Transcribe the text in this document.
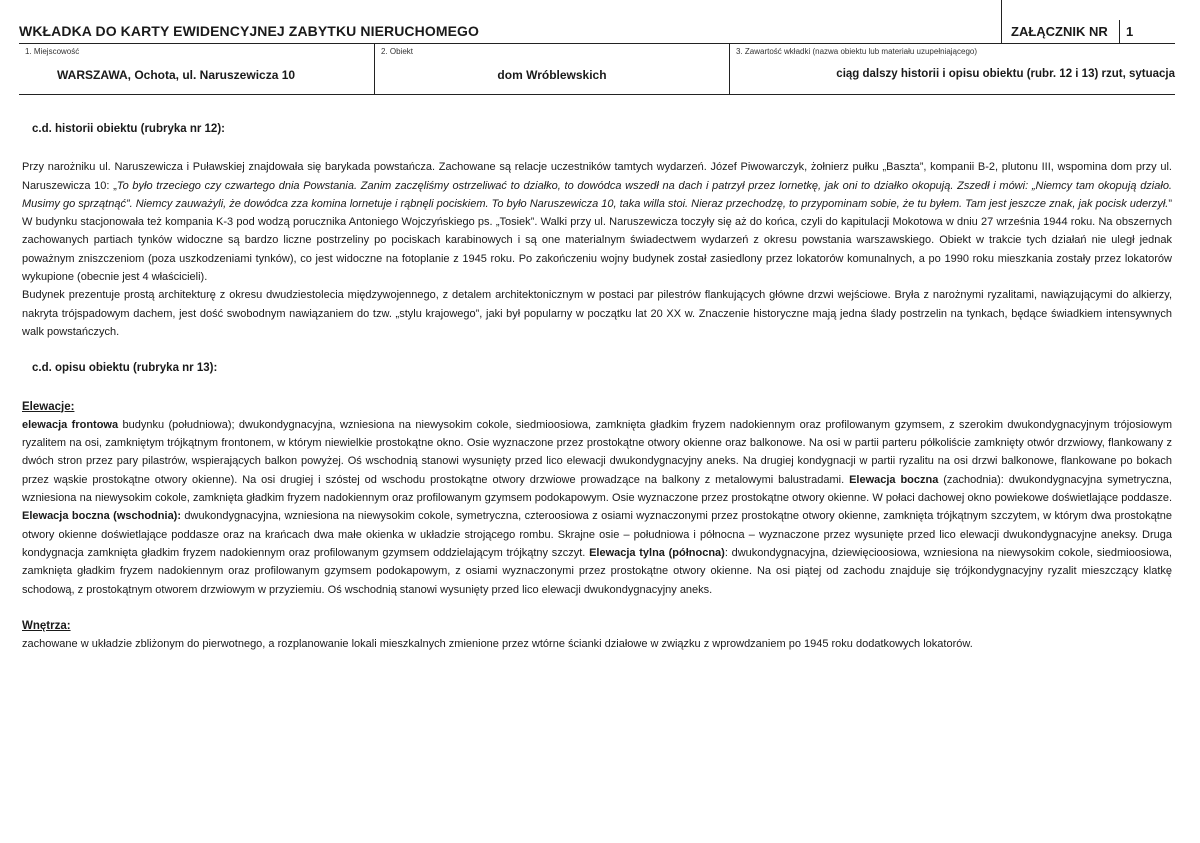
WKŁADKA DO KARTY EWIDENCYJNEJ ZABYTKU NIERUCHOMEGO	ZAŁĄCZNIK NR 1
1. Miejscowość
WARSZAWA, Ochota, ul. Naruszewicza 10
2. Obiekt
dom Wróblewskich
3. Zawartość wkładki (nazwa obiektu lub materiału uzupełniającego)
ciąg dalszy historii i opisu obiektu (rubr. 12 i 13) rzut, sytuacja
c.d. historii obiektu (rubryka nr 12):

Przy narożniku ul. Naruszewicza i Puławskiej znajdowała się barykada powstańcza. Zachowane są relacje uczestników tamtych wydarzeń. Józef Piwowarczyk, żołnierz pułku „Baszta”, kompanii B-2, plutonu III, wspomina dom przy ul. Naruszewicza 10: „To było trzeciego czy czwartego dnia Powstania. Zanim zaczęliśmy ostrzeliwać to działko, to dowódca wszedł na dach i patrzył przez lornetkę, jak oni to działko okopują. Zszedł i mówi: „Niemcy tam okopują działo. Musimy go sprzątnąć”. Niemcy zauważyli, że dowódca zza komina lornetuje i rąbnęli pociskiem. To było Naruszewicza 10, taka willa stoi. Nieraz przechodzę, to przypominam sobie, że tu byłem. Tam jest jeszcze znak, jak pocisk uderzył.” W budynku stacjonowała też kompania K-3 pod wodzą porucznika Antoniego Wojczyńskiego ps. „Tosiek”. Walki przy ul. Naruszewicza toczyły się aż do końca, czyli do kapitulacji Mokotowa w dniu 27 września 1944 roku. Na obszernych zachowanych partiach tynków widoczne są bardzo liczne postrzeliny po pociskach karabinowych i są one materialnym świadectwem wydarzeń z okresu powstania warszawskiego. Obiekt w trakcie tych działań nie uległ jednak poważnym zniszczeniom (poza uszkodzeniami tynków), co jest widoczne na fotoplanie z 1945 roku. Po zakończeniu wojny budynek został zasiedlony przez lokatorów komunalnych, a po 1990 roku mieszkania zostały przez lokatorów wykupione (obecnie jest 4 właścicieli).

Budynek prezentuje prostą architekturę z okresu dwudziestolecia międzywojennego, z detalem architektonicznym w postaci par pilestrów flankujących główne drzwi wejściowe. Bryła z narożnymi ryzalitami, nawiązującymi do alkierzy, nakryta trójspadowym dachem, jest dość swobodnym nawiązaniem do tzw. „stylu krajowego”, jaki był popularny w początku lat 20 XX w. Znaczenie historyczne mają jedna ślady postrzelin na tynkach, będące świadkiem intensywnych walk powstańczych.

c.d. opisu obiektu (rubryka nr 13):
Elewacje:

elewacja frontowa budynku (południowa); dwukondygnacyjna, wzniesiona na niewysokim cokole, siedmioosiowa, zamknięta gładkim fryzem nadokiennym oraz profilowanym gzymsem, z szerokim dwukondygnacyjnym trójosiowym ryzalitem na osi, zamkniętym trójkątnym frontonem, w którym niewielkie prostokątne okno. Osie wyznaczone przez prostokątne otwory okienne oraz balkonowe. Na osi w partii parteru półkoliście zamknięty otwór drzwiowy, flankowany z dwóch stron przez pary pilastrów, wspierających balkon powyżej. Oś wschodnią stanowi wysunięty przed lico elewacji dwukondygnacyjny aneks. Na drugiej kondygnacji w partii ryzalitu na osi drzwi balkonowe, flankowane po bokach przez wąskie prostokątne otwory okienne). Na osi drugiej i szóstej od wschodu prostokątne otwory drzwiowe prowadzące na balkony z metalowymi balustradami. Elewacja boczna (zachodnia): dwukondygnacyjna symetryczna, wzniesiona na niewysokim cokole, zamknięta gładkim fryzem nadokiennym oraz profilowanym gzymsem podokapowym. Osie wyznaczone przez prostokątne otwory okienne. W połaci dachowej okno powiekowe doświetlające poddasze. Elewacja boczna (wschodnia): dwukondygnacyjna, wzniesiona na niewysokim cokole, symetryczna, czteroosiowa z osiami wyznaczonymi przez prostokątne otwory okienne, zamknięta trójkątnym szczytem, w którym dwa prostokątne otwory okienne doświetlające poddasze oraz na krańcach dwa małe okienka w układzie strojącego rombu. Skrajne osie – południowa i północna – wyznaczone przez wysunięte przed lico elewacji dwukondygnacyjne aneksy. Druga kondygnacja zamknięta gładkim fryzem nadokiennym oraz profilowanym gzymsem oddzielającym trójkątny szczyt. Elewacja tylna (północna): dwukondygnacyjna, dziewięcioosiowa, wzniesiona na niewysokim cokole, siedmioosiowa, zamknięta gładkim fryzem nadokiennym oraz profilowanym gzymsem podokapowym, z osiami wyznaczonymi przez prostokątne otwory okienne. Na osi piątej od zachodu znajduje się trójkondygnacyjny ryzalit mieszczący klatkę schodową, z prostokątnym otworem drzwiowym w przyziemiu. Oś wschodnią stanowi wysunięty przed lico elewacji dwukondygnacyjny aneks.

Wnętrza:

zachowane w układzie zbliżonym do pierwotnego, a rozplanowanie lokali mieszkalnych zmienione przez wtórne ścianki działowe w związku z wprowdzaniem po 1945 roku dodatkowych lokatorów.
